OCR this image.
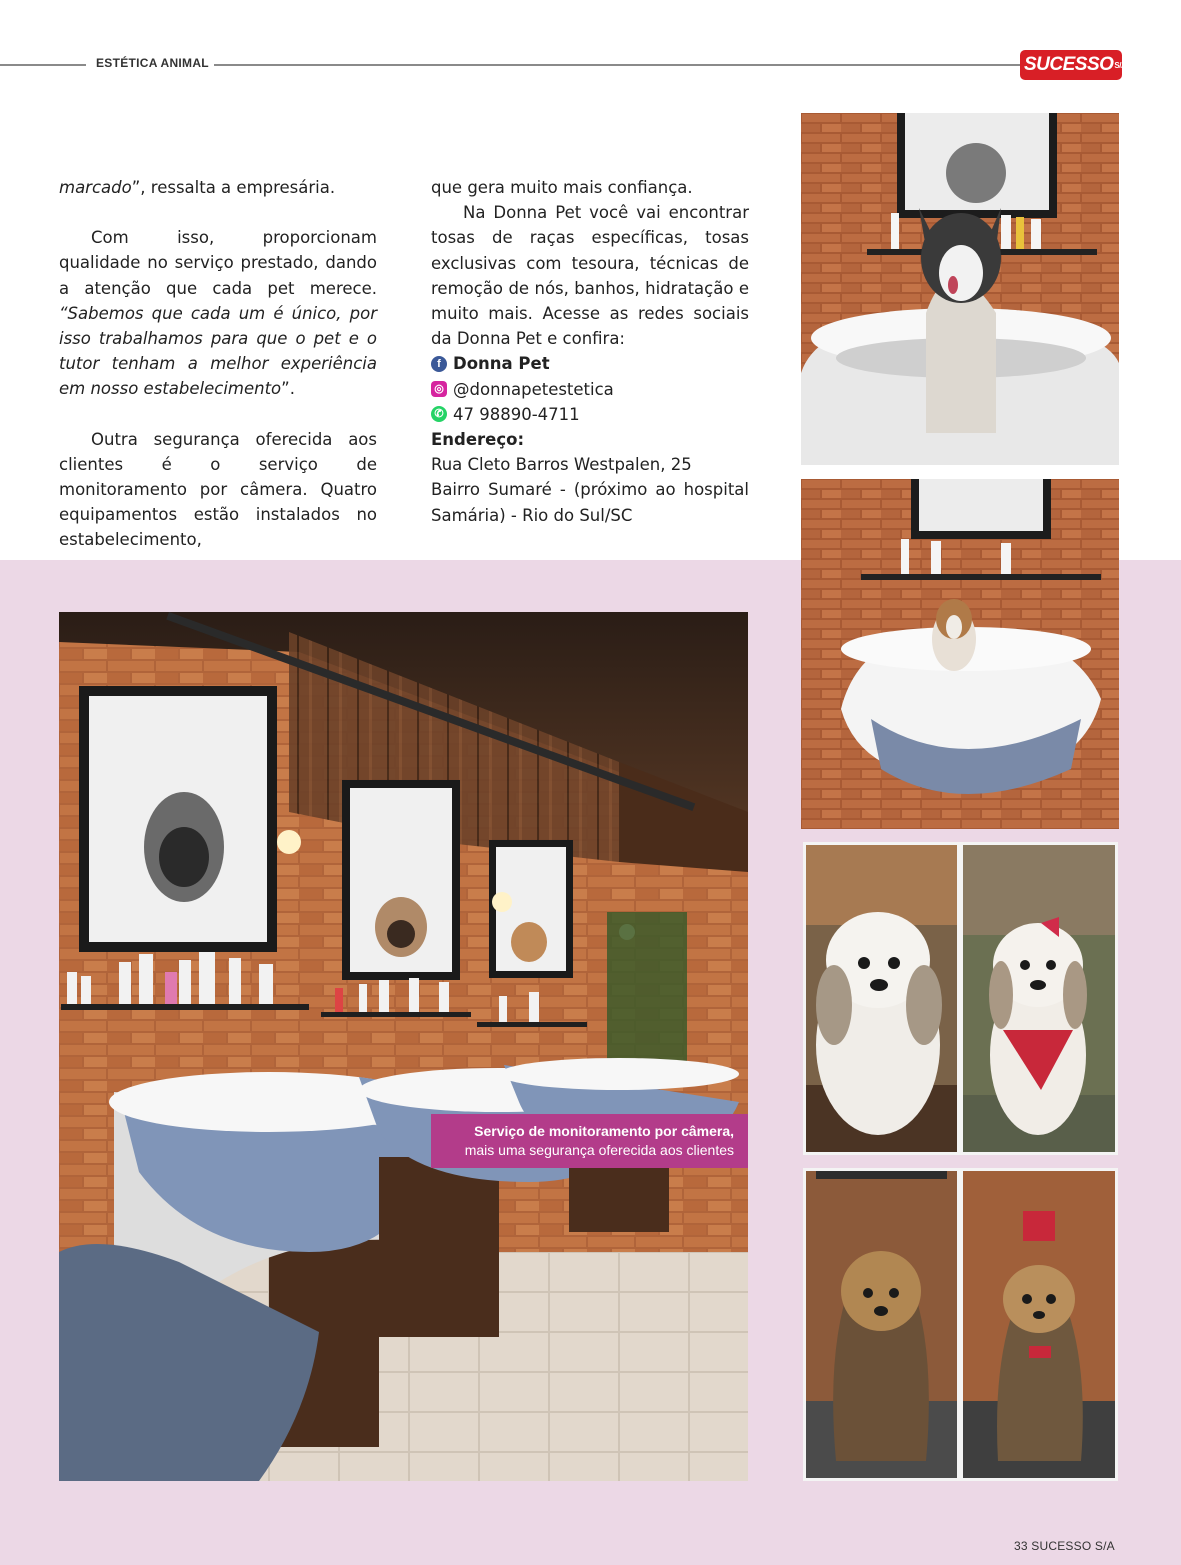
ESTÉTICA ANIMAL	SUCESSOS/A

marcado”, ressalta a empresária.

Com isso, proporcionam qualidade no serviço prestado, dando a atenção que cada pet merece. “Sabemos que cada um é único, por isso trabalhamos para que o pet e o tutor tenham a melhor experiência em nosso estabelecimento”.

Outra segurança oferecida aos clientes é o serviço de monitoramento por câmera. Quatro equipamentos estão instalados no estabelecimento,

que gera muito mais confiança.

Na Donna Pet você vai encontrar tosas de raças específicas, tosas exclusivas com tesoura, técnicas de remoção de nós, banhos, hidratação e muito mais. Acesse as redes sociais da Donna Pet e confira:

f Donna Pet
◎ @donnapetestetica
✆ 47 98890-4711

Endereço:

Rua Cleto Barros Westpalen, 25

Bairro Sumaré - (próximo ao hospital Samária) - Rio do Sul/SC

Serviço de monitoramento por câmera,
mais uma segurança oferecida aos clientes
33 SUCESSO S/A
